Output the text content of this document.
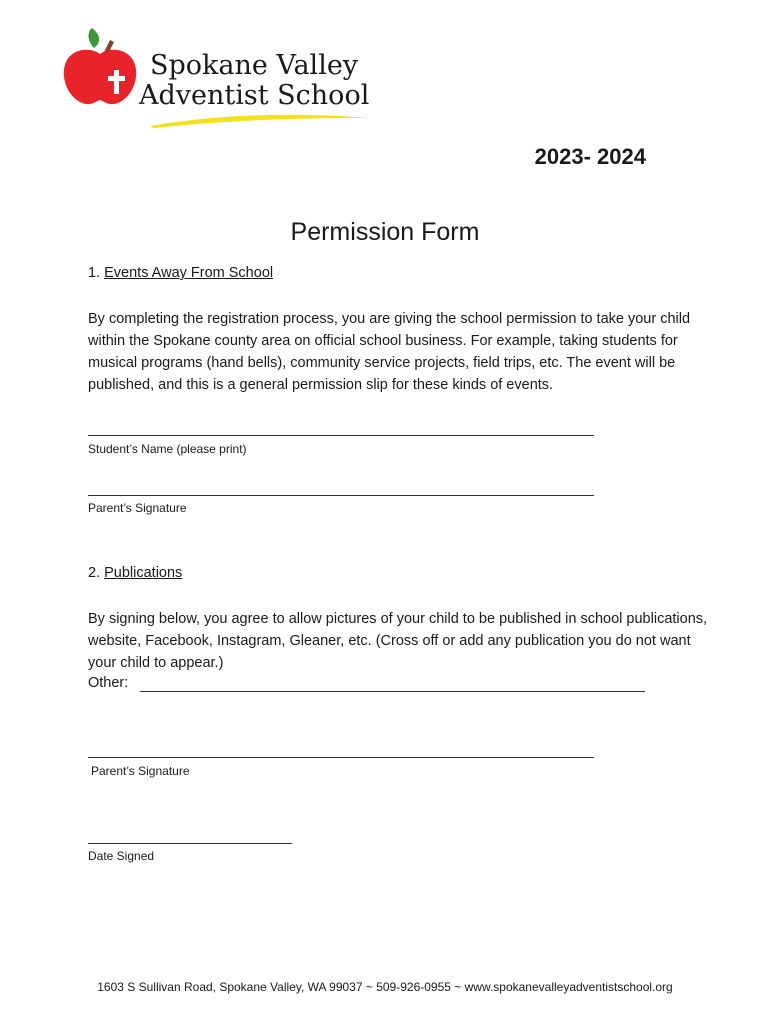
Spokane Valley
Adventist School
2023- 2024
Permission Form
1. Events Away From School
By completing the registration process, you are giving the school permission to take your child within the Spokane county area on official school business. For example, taking students for musical programs (hand bells), community service projects, field trips, etc. The event will be published, and this is a general permission slip for these kinds of events.
Student’s Name (please print)
Parent’s Signature
2. Publications
By signing below, you agree to allow pictures of your child to be published in school publications, website, Facebook, Instagram, Gleaner, etc. (Cross off or add any publication you do not want your child to appear.)
Other:
Parent’s Signature
Date Signed
1603 S Sullivan Road, Spokane Valley, WA 99037 ~ 509-926-0955 ~ www.spokanevalleyadventistschool.org
